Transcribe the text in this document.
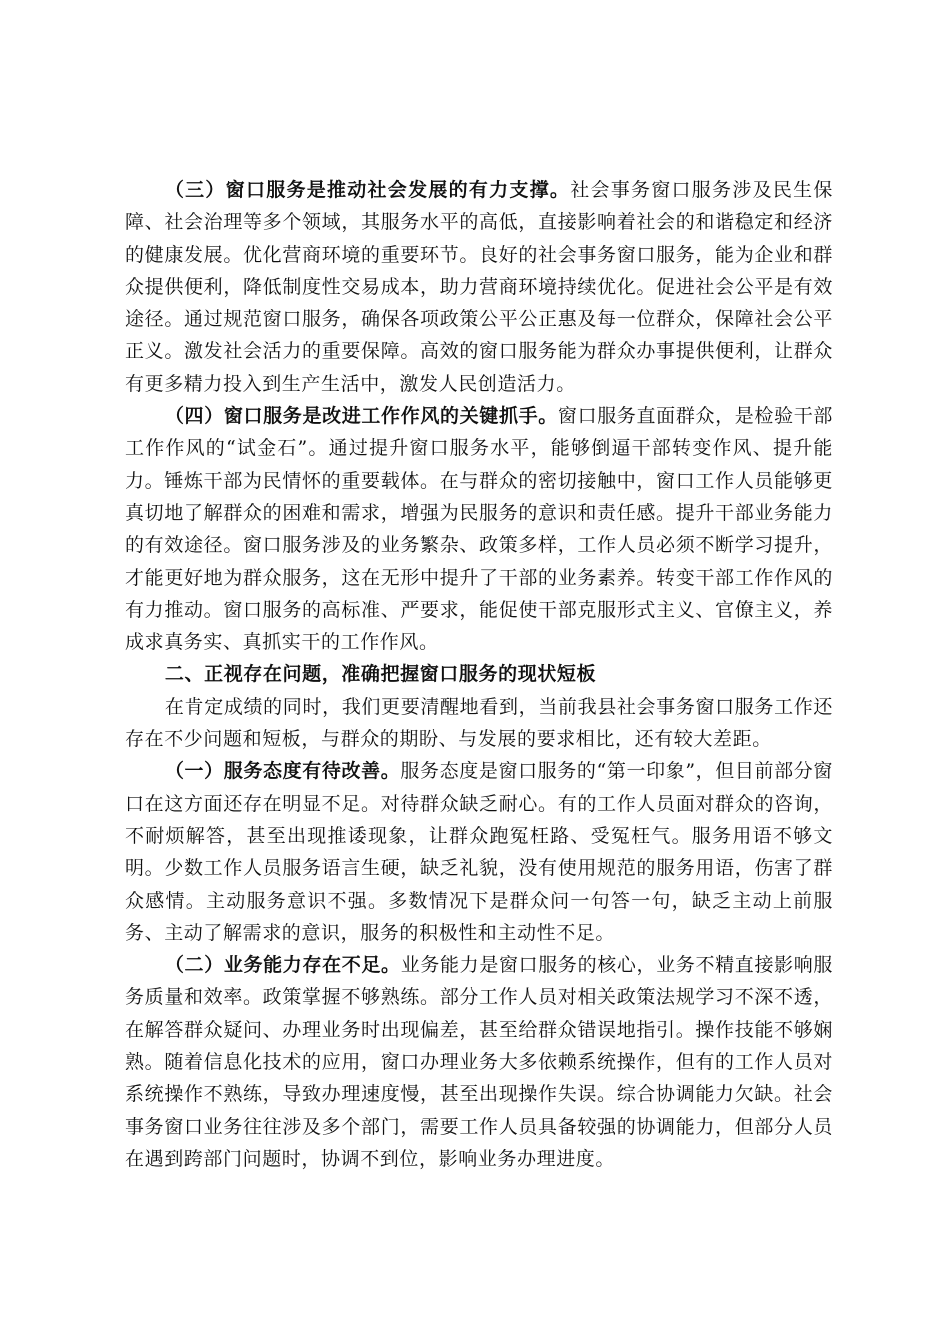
（三）窗口服务是推动社会发展的有力支撑。社会事务窗口服务涉及民生保障、社会治理等多个领域，其服务水平的高低，直接影响着社会的和谐稳定和经济的健康发展。优化营商环境的重要环节。良好的社会事务窗口服务，能为企业和群众提供便利，降低制度性交易成本，助力营商环境持续优化。促进社会公平是有效途径。通过规范窗口服务，确保各项政策公平公正惠及每一位群众，保障社会公平正义。激发社会活力的重要保障。高效的窗口服务能为群众办事提供便利，让群众有更多精力投入到生产生活中，激发人民创造活力。

（四）窗口服务是改进工作作风的关键抓手。窗口服务直面群众，是检验干部工作作风的“试金石”。通过提升窗口服务水平，能够倒逼干部转变作风、提升能力。锤炼干部为民情怀的重要载体。在与群众的密切接触中，窗口工作人员能够更真切地了解群众的困难和需求，增强为民服务的意识和责任感。提升干部业务能力的有效途径。窗口服务涉及的业务繁杂、政策多样，工作人员必须不断学习提升，才能更好地为群众服务，这在无形中提升了干部的业务素养。转变干部工作作风的有力推动。窗口服务的高标准、严要求，能促使干部克服形式主义、官僚主义，养成求真务实、真抓实干的工作作风。

二、正视存在问题，准确把握窗口服务的现状短板

在肯定成绩的同时，我们更要清醒地看到，当前我县社会事务窗口服务工作还存在不少问题和短板，与群众的期盼、与发展的要求相比，还有较大差距。

（一）服务态度有待改善。服务态度是窗口服务的“第一印象”，但目前部分窗口在这方面还存在明显不足。对待群众缺乏耐心。有的工作人员面对群众的咨询，不耐烦解答，甚至出现推诿现象，让群众跑冤枉路、受冤枉气。服务用语不够文明。少数工作人员服务语言生硬，缺乏礼貌，没有使用规范的服务用语，伤害了群众感情。主动服务意识不强。多数情况下是群众问一句答一句，缺乏主动上前服务、主动了解需求的意识，服务的积极性和主动性不足。

（二）业务能力存在不足。业务能力是窗口服务的核心，业务不精直接影响服务质量和效率。政策掌握不够熟练。部分工作人员对相关政策法规学习不深不透，在解答群众疑问、办理业务时出现偏差，甚至给群众错误地指引。操作技能不够娴熟。随着信息化技术的应用，窗口办理业务大多依赖系统操作，但有的工作人员对系统操作不熟练，导致办理速度慢，甚至出现操作失误。综合协调能力欠缺。社会事务窗口业务往往涉及多个部门，需要工作人员具备较强的协调能力，但部分人员在遇到跨部门问题时，协调不到位，影响业务办理进度。
